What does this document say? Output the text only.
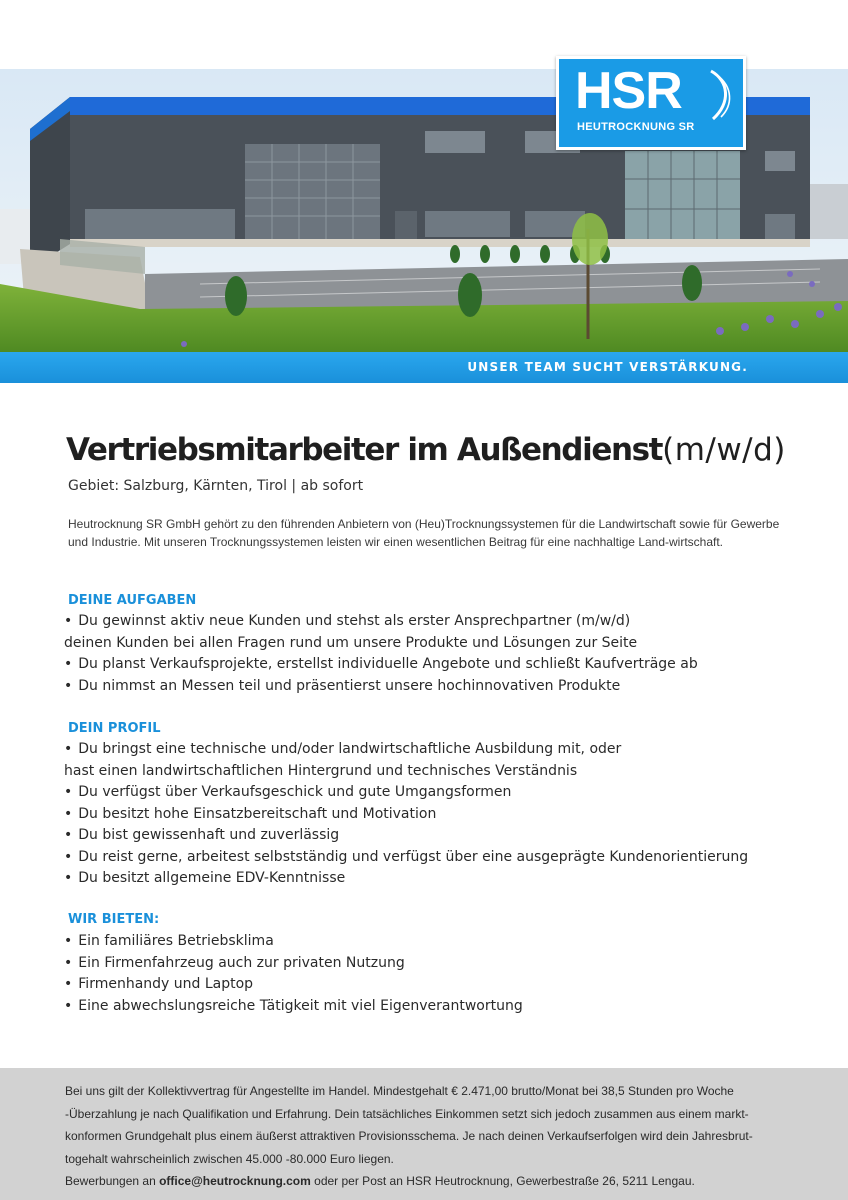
HSR
HEUTROCKNUNG SR
UNSER TEAM SUCHT VERSTÄRKUNG.
Vertriebsmitarbeiter im Außendienst(m/w/d)
Gebiet: Salzburg, Kärnten, Tirol | ab sofort

Heutrocknung SR GmbH gehört zu den führenden Anbietern von (Heu)Trocknungssystemen für die Landwirtschaft sowie für Gewerbe und Industrie. Mit unseren Trocknungssystemen leisten wir einen wesentlichen Beitrag für eine nachhaltige Land-wirtschaft.

DEINE AUFGABEN
• Du gewinnst aktiv neue Kunden und stehst als erster Ansprechpartner (m/w/d)
deinen Kunden bei allen Fragen rund um unsere Produkte und Lösungen zur Seite
• Du planst Verkaufsprojekte, erstellst individuelle Angebote und schließt Kaufverträge ab
• Du nimmst an Messen teil und präsentierst unsere hochinnovativen Produkte
DEIN PROFIL
• Du bringst eine technische und/oder landwirtschaftliche Ausbildung mit, oder
hast einen landwirtschaftlichen Hintergrund und technisches Verständnis
• Du verfügst über Verkaufsgeschick und gute Umgangsformen
• Du besitzt hohe Einsatzbereitschaft und Motivation
• Du bist gewissenhaft und zuverlässig
• Du reist gerne, arbeitest selbstständig und verfügst über eine ausgeprägte Kundenorientierung
• Du besitzt allgemeine EDV-Kenntnisse
WIR BIETEN:
• Ein familiäres Betriebsklima
• Ein Firmenfahrzeug auch zur privaten Nutzung
• Firmenhandy und Laptop
• Eine abwechslungsreiche Tätigkeit mit viel Eigenverantwortung

Bei uns gilt der Kollektivvertrag für Angestellte im Handel. Mindestgehalt € 2.471,00 brutto/Monat bei 38,5 Stunden pro Woche -Überzahlung je nach Qualifikation und Erfahrung. Dein tatsächliches Einkommen setzt sich jedoch zusammen aus einem markt-konformen Grundgehalt plus einem äußerst attraktiven Provisionsschema. Je nach deinen Verkaufserfolgen wird dein Jahresbrut-togehalt wahrscheinlich zwischen 45.000 -80.000 Euro liegen.
Bewerbungen an office@heutrocknung.com oder per Post an HSR Heutrocknung, Gewerbestraße 26, 5211 Lengau.
